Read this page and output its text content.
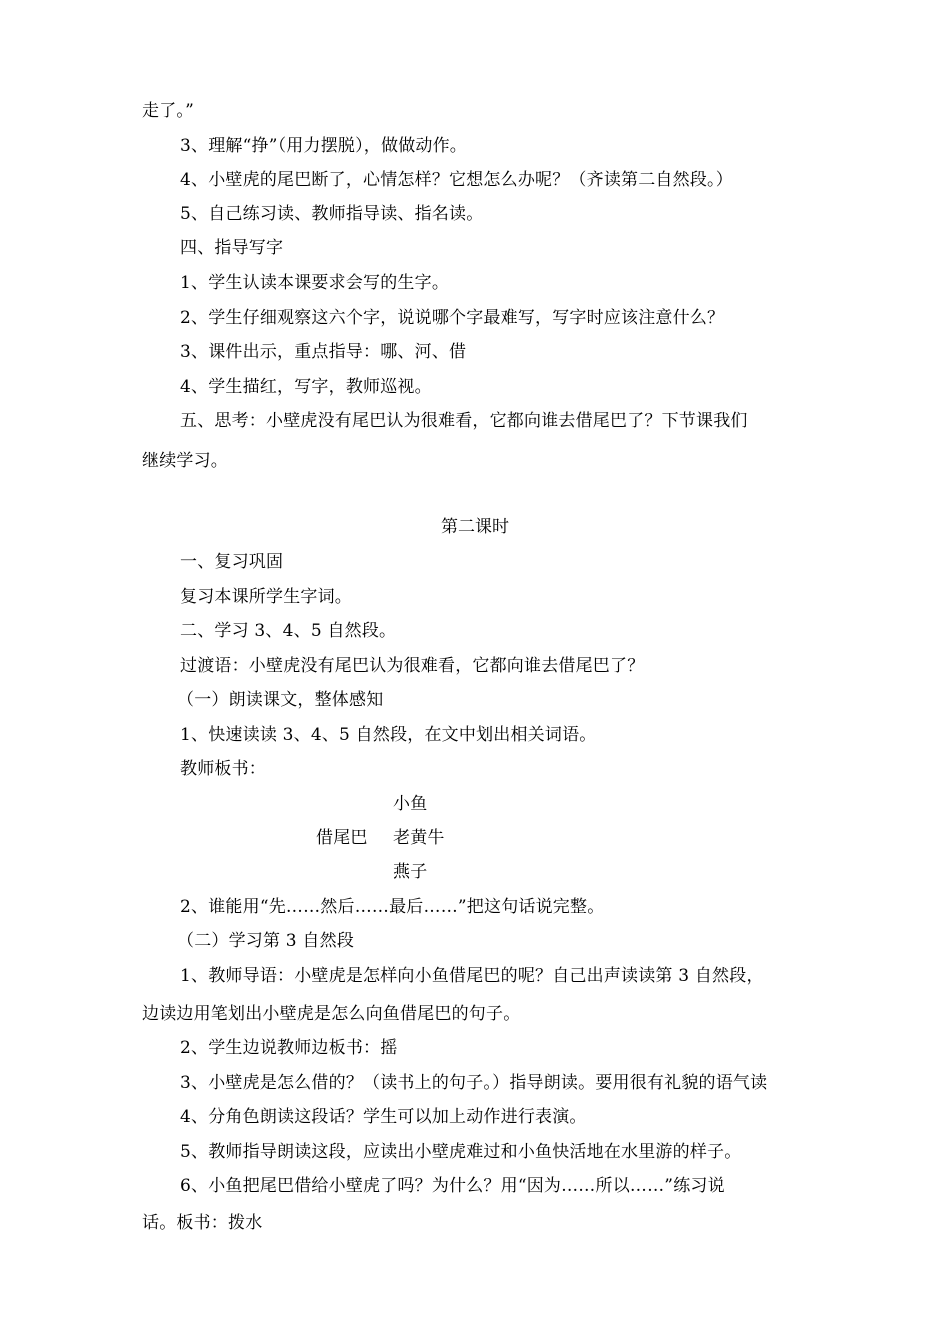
走了。”
3、理解“挣”（用力摆脱），做做动作。
4、小壁虎的尾巴断了，心情怎样？它想怎么办呢？（齐读第二自然段。）
5、自己练习读、教师指导读、指名读。
四、指导写字
1、学生认读本课要求会写的生字。
2、学生仔细观察这六个字，说说哪个字最难写，写字时应该注意什么？
3、课件出示，重点指导：哪、河、借
4、学生描红，写字，教师巡视。
五、思考：小壁虎没有尾巴认为很难看，它都向谁去借尾巴了？下节课我们
继续学习。
第二课时
一、复习巩固
复习本课所学生字词。
二、学习 3、4、5 自然段。
过渡语：小壁虎没有尾巴认为很难看，它都向谁去借尾巴了？
（一）朗读课文，整体感知
1、快速读读 3、4、5 自然段，在文中划出相关词语。
教师板书：
小鱼
借尾巴 老黄牛
燕子
2、谁能用“先……然后……最后……”把这句话说完整。
（二）学习第 3 自然段
1、教师导语：小壁虎是怎样向小鱼借尾巴的呢？自己出声读读第 3 自然段，
边读边用笔划出小壁虎是怎么向鱼借尾巴的句子。
2、学生边说教师边板书：摇
3、小壁虎是怎么借的？（读书上的句子。）指导朗读。要用很有礼貌的语气读
4、分角色朗读这段话？学生可以加上动作进行表演。
5、教师指导朗读这段，应读出小壁虎难过和小鱼快活地在水里游的样子。
6、小鱼把尾巴借给小壁虎了吗？为什么？用“因为……所以……”练习说
话。板书：拨水
